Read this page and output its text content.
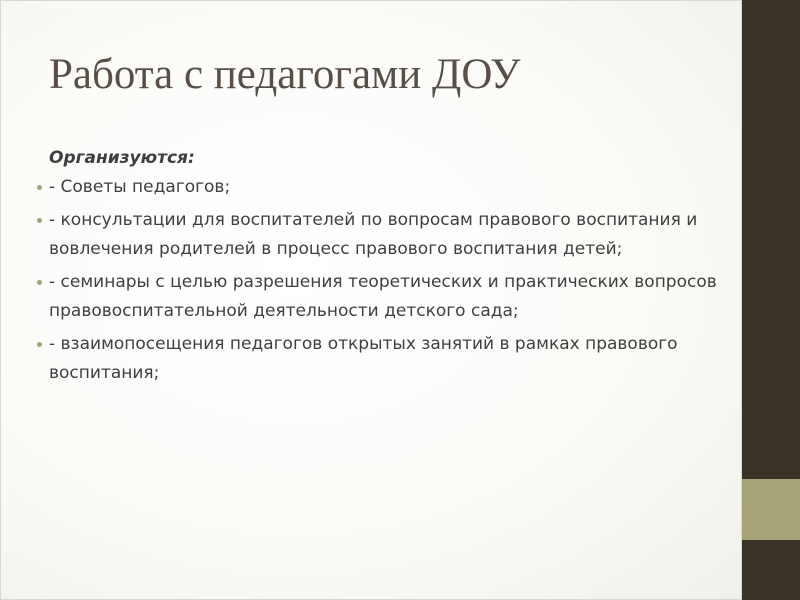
Работа с педагогами ДОУ

Организуются:

- Советы педагогов;
- консультации для воспитателей по вопросам правового воспитания и вовлечения родителей в процесс правового воспитания детей;
- семинары с целью разрешения теоретических и практических вопросов правовоспитательной деятельности детского сада;
- взаимопосещения педагогов открытых занятий в рамках правового воспитания;
